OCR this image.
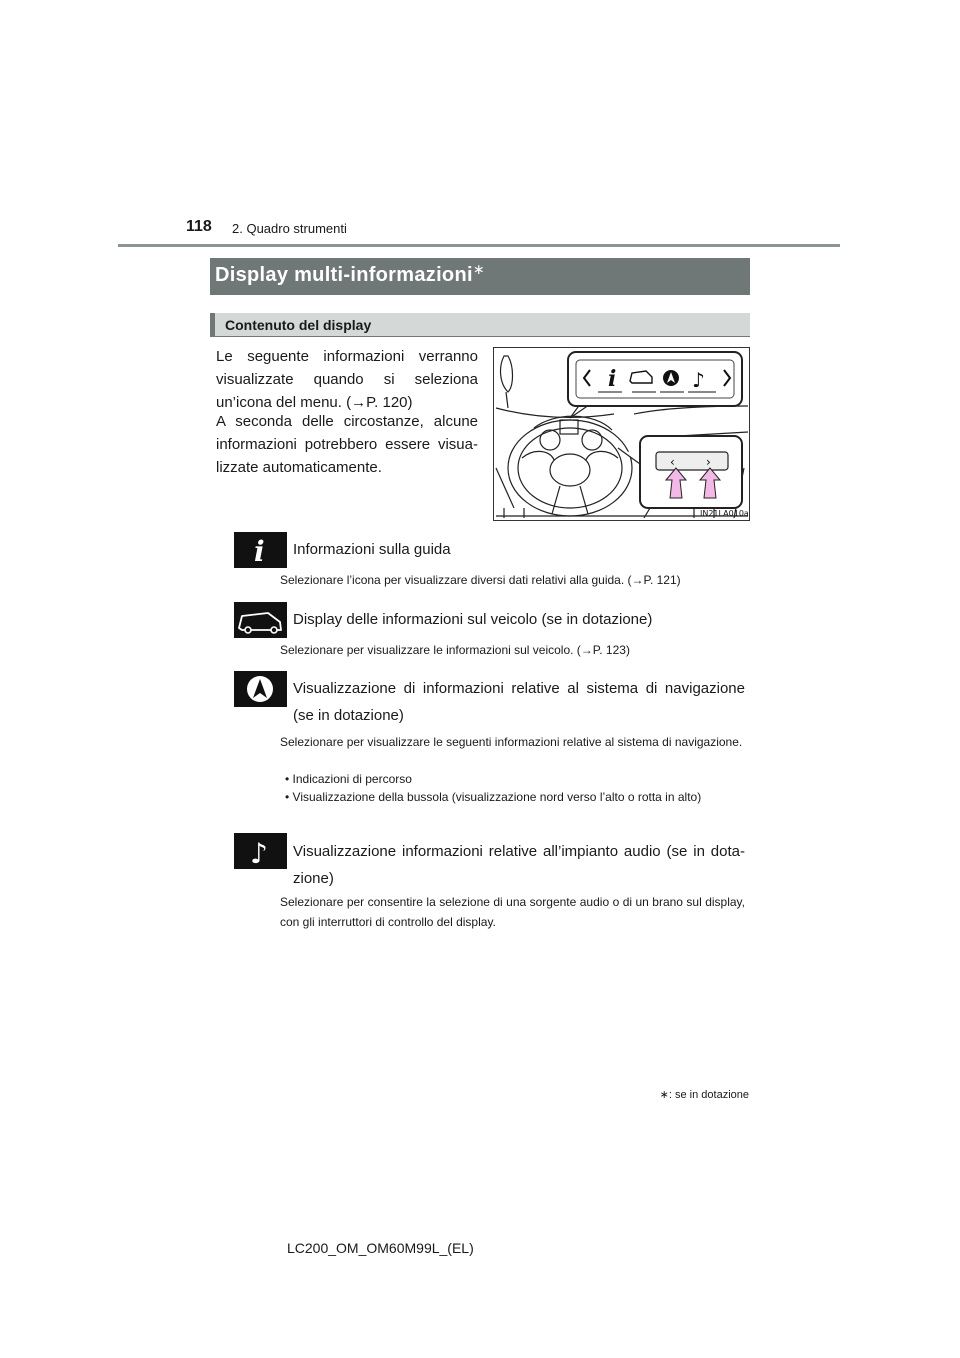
118 2. Quadro strumenti
Display multi-informazioni∗
Contenuto del display
Le seguente informazioni verranno visualizzate quando si seleziona un’icona del menu. (→P. 120)
A seconda delle circostanze, alcune informazioni potrebbero essere visua-lizzate automaticamente.
i	♪
‹	›
IN21LA010a
i Informazioni sulla guida
Selezionare l’icona per visualizzare diversi dati relativi alla guida. (→P. 121)
Display delle informazioni sul veicolo (se in dotazione)
Selezionare per visualizzare le informazioni sul veicolo. (→P. 123)
Visualizzazione di informazioni relative al sistema di navigazione (se in dotazione)
Selezionare per visualizzare le seguenti informazioni relative al sistema di navigazione.
• Indicazioni di percorso
• Visualizzazione della bussola (visualizzazione nord verso l’alto o rotta in alto)
♪ Visualizzazione informazioni relative all’impianto audio (se in dota-zione)
Selezionare per consentire la selezione di una sorgente audio o di un brano sul display, con gli interruttori di controllo del display.
∗: se in dotazione
LC200_OM_OM60M99L_(EL)
